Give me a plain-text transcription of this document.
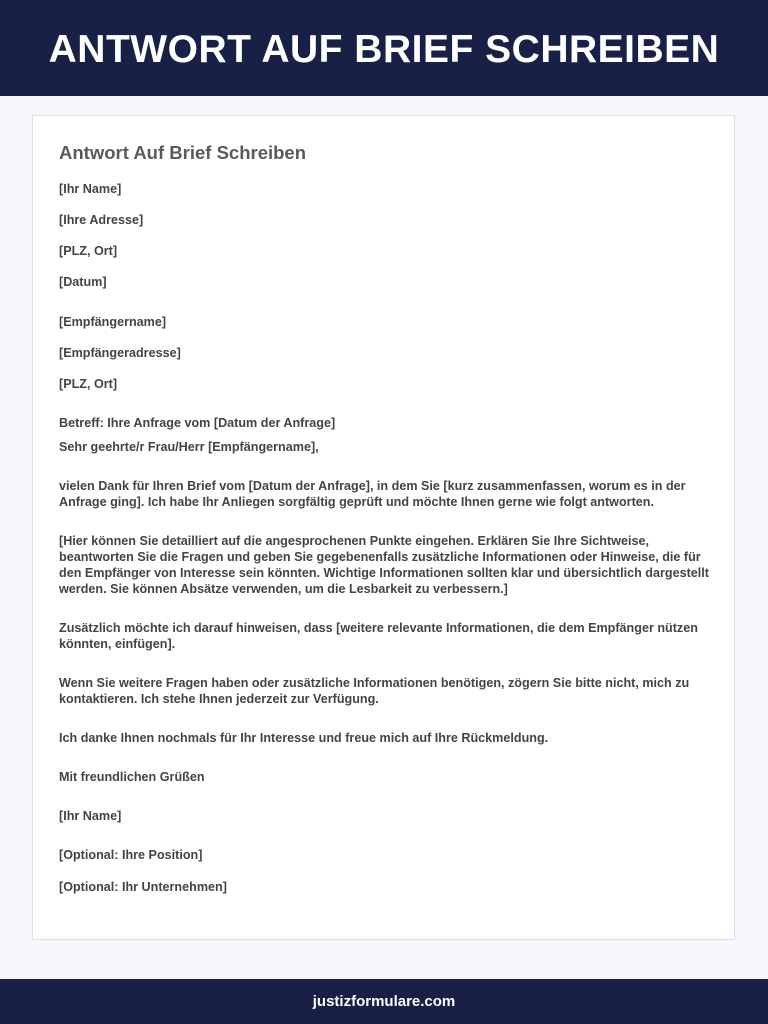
ANTWORT AUF BRIEF SCHREIBEN
Antwort Auf Brief Schreiben

[Ihr Name]

[Ihre Adresse]

[PLZ, Ort]

[Datum]

[Empfängername]

[Empfängeradresse]

[PLZ, Ort]

Betreff: Ihre Anfrage vom [Datum der Anfrage]

Sehr geehrte/r Frau/Herr [Empfängername],

vielen Dank für Ihren Brief vom [Datum der Anfrage], in dem Sie [kurz zusammenfassen, worum es in der Anfrage ging]. Ich habe Ihr Anliegen sorgfältig geprüft und möchte Ihnen gerne wie folgt antworten.

[Hier können Sie detailliert auf die angesprochenen Punkte eingehen. Erklären Sie Ihre Sichtweise, beantworten Sie die Fragen und geben Sie gegebenenfalls zusätzliche Informationen oder Hinweise, die für den Empfänger von Interesse sein könnten. Wichtige Informationen sollten klar und übersichtlich dargestellt werden. Sie können Absätze verwenden, um die Lesbarkeit zu verbessern.]

Zusätzlich möchte ich darauf hinweisen, dass [weitere relevante Informationen, die dem Empfänger nützen könnten, einfügen].

Wenn Sie weitere Fragen haben oder zusätzliche Informationen benötigen, zögern Sie bitte nicht, mich zu kontaktieren. Ich stehe Ihnen jederzeit zur Verfügung.

Ich danke Ihnen nochmals für Ihr Interesse und freue mich auf Ihre Rückmeldung.

Mit freundlichen Grüßen

[Ihr Name]

[Optional: Ihre Position]

[Optional: Ihr Unternehmen]

justizformulare.com
